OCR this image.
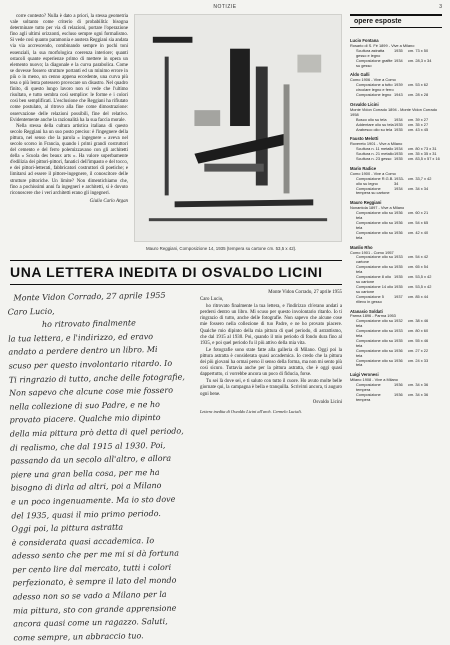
NOTIZIE	3

corre contesto? Nulla è dato a priori, la stessa geometria vale soltanto come criterio di probabilità: bisogna determinare tutto per via di relazioni, portare l'operazione fino agli ultimi orizzonti, escluso sempre ogni formalismo. Si vede così quanto paramonia e austera Reggiani sia andata via via accrescendo, combinando sempre in pochi toni essenziali, la sua morfologica coerenza interiore; quanti ostacoli quante esperienze primo di mettere in opera un elemento nuovo; la diagonale e la curva parabolica. Come se dovesse fossero strutture portanti ed un minimo errore in più o in meno, un cenno appena eccedente, una curva più tesa o più lenta potessero provocare un disastro. Nel quadro finito, di questo lungo lavoro non si vede che l'ultimo risultato, e tutto sembra così semplice: le forme e i colori così ben semplificati. L'esclusione che Reggiani ha rifiutato come postulato, al ritrovo alla fine come dimostrazione: osservazione delle relazioni possibili, fine del relativo. Evidentemente anche la razionalità ha la sua faccia morale.

Nella stessa della cultura artistica italiana di questo secolo Reggiani ha un suo posto preciso: è l'ingegnere della pittura, nel senso che la parola « ingegnere » aveva nel secolo scorso in Francia, quando i primi grandi costruttori del cemento e del ferro polemizzavano con gli architetti della « Scuola des beaux arts ». Ha valore superbamente d'edilizia dei pittori-pittori, fanatici dell'impasto e del tocco, e dei pittori-letterati, fabbricatori costruttori di poetiche; e limitarsi ad essere il pittore-ingegnere, il conoscitore delle strutture pittoriche. Un limite? Non dimentichiamo che, fino a pochissimi anni fa ingegneri e architetti, si è dovuto riconoscere che i veri architetti erano gli ingegneri.

Giulio Carlo Argan

Mauro Reggiani, Composizione 14, 1935 (tempera su cartone cm. 53,5 x 42).
opere esposte
Lucio Fontana
Rosario di S. Fé 1899 - Vive a Milano
Scultura astratta gesso e legno
1935	cm. 73 x 50
Composizione grafite su gesso
1934	cm. 28,3 x 34
Aldo Galli
Como 1906 - Vive a Como
Composizione a tutto circolare legno e ferro
1939	cm. 53 x 62
Composizione legno 1943	cm. 28 x 28
Osvaldo Licini
Monte Vidon Corrado 1894 - Monte Vidon Corrado 1958
Bosco olio su tela	1934	cm. 39 x 27
Addentare olio su tela 1935	cm. 35 x 27
Arabesco olio su tela 1935	cm. 43 x 45
Fausto Melotti
Rovereto 1901 - Vive a Milano
Scultura n. 11 metallo 1934	cm. 80 x 73 x 31
Scultura n. 21 metallo 1935	cm. 35 x 35 x 31
Scultura n. 23 gesso 1935	cm. 83,5 x 57 x 16
Mario Radice
Como 1900 - Vive a Como
Composizione R.G.B. olio su legno
1933-34
cm. 33,7 x 42
Composizione tempera su cartone
1934	cm. 34 x 34
Mauro Reggiani
Nonantola 1897 - Vive a Milano
Composizione olio su tela
1936	cm. 60 x 21
Composizione olio su tela
1936	cm. 54 x 65
Composizione olio su tela
1936	cm. 42 x 40
Manlio Rho
Como 1901 - Como 1957
Composizione olio su cartone
1933	cm. 54 x 42
Composizione olio su tela
1935	cm. 65 x 54
Composizione 8 olio su cartone
1935	cm. 53,5 x 42
Composizione 14 olio su cartone
1935	cm. 53,5 x 42
Composizione 5 rilievo in gesso
1937	cm. 85 x 44
Atanasio Soldati
Parma 1896 - Parma 1953
Composizione olio su tela
1932	cm. 38 x 46
Composizione olio su tela
1933	cm. 80 x 60
Composizione olio su tela
1935	cm. 55 x 46
Composizione olio su tela
1936	cm. 27 x 22
Composizione olio su tela
1936	cm. 24 x 33
Luigi Veronesi
Milano 1908 - Vive a Milano
Composizione tempera
1936	cm. 34 x 36
Composizione tempera
1936	cm. 34 x 36
UNA LETTERA INEDITA DI OSVALDO LICINI
Monte Vidon Corrado, 27 aprile 1955
Caro Lucio,
ho ritrovato finalmente
la tua lettera, e l'indirizzo, ed eravo
andato a perdere dentro un libro. Mi
scuso per questo involontario ritardo. Io
Ti ringrazio di tutto, anche delle fotografie,
Non sapevo che alcune cose mie fossero
nella collezione di suo Padre, e ne ho
provato piacere. Qualche mio dipinto
della mia pittura prò detta di quel periodo,
di realismo, che dal 1915 al 1930. Poi,
passando da un secolo all'altro, e allora
piere una gran bella cosa, per me ha
bisogno di dirla ad altri, poi a Milano
e un poco ingenuamente. Ma io sto dove
del 1935, quasi il mio primo periodo.
Oggi poi, la pittura astratta
è considerata quasi accademica. Io
adesso sento che per me mi si dà fortuna
per cento lire dal mercato, tutti i colori
perfezionato, è sempre il lato del mondo
adesso non so se vado a Milano per la
mia pittura, sto con grande apprensione
ancora quasi come un ragazzo. Saluti,
come sempre, un abbraccio tuo.

Monte Vidon Corrado, 27 aprile 1955

Caro Lucio,

ho ritrovato finalmente la tua lettera, e l'indirizzo ch'erano andati a perdersi dentro un libro. Mi scuso per questo involontario ritardo. Io ti ringrazio di tutto, anche delle fotografie. Non sapevo che alcune cose mie fossero nella collezione di tuo Padre, e ne ho provato piacere. Qualche mio dipinto della mia pittura di quel periodo, di astrattismo, che dal 1915 al 1930. Poi, quando il mio periodo di fondo dura fino al 1935, e poi quel periodo fu il più attivo della mia vita.

Le fotografie sono state fatte alla galleria di Milano. Oggi poi la pittura astratta è considerata quasi accademica. Io credo che la pittura dei più giovani ha ormai perso il senso della forma, ma non mi sento più così sicuro. Tuttavia anche per la pittura astratta, che è oggi quasi dappertutto, ci vorrebbe ancora un poco di fiducia, forse.

Tu sei là dove sei, e ti saluto con tutto il cuore. Ho avuto molte belle giornate qui, la campagna è bella e tranquilla. Scrivimi ancora, ti auguro ogni bene.

Osvaldo Licini

Lettera inedita di Osvaldo Licini all'arch. Cermelo Luciali.
